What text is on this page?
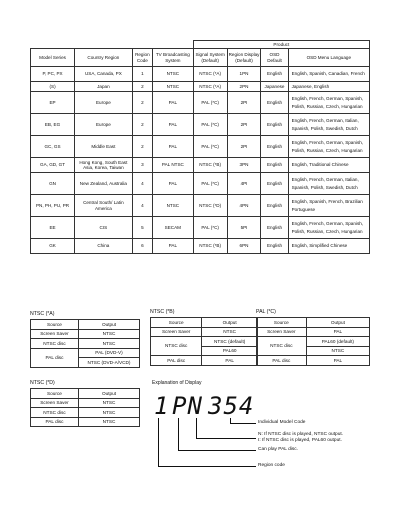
				Product			
Model Series	Country Region	Region Code	TV Broadcasting System	Signal System (Default)	Region Display (Default)	OSD Default	OSD Menu Language
P, PC, PX	USA, Canada, PX	1	NTSC	NTSC (*A)	1PN	English	English, Spanish, Canadian, French
(S)	Japan	2	NTSC	NTSC (*A)	2PN	Japanese	Japanese, English
EP	Europe	2	PAL	PAL (*C)	2PI	English	English, French, German, Spanish, Polish, Russian, Czech, Hungarian
EB, EG	Europe	2	PAL	PAL (*C)	2PI	English	English, French, German, Italian, Spanish, Polish, Swedish, Dutch
GC, GS	Middle East	2	PAL	PAL (*C)	2PI	English	English, French, German, Spanish, Polish, Russian, Czech, Hungarian
GA, GD, GT	Hong Kong, South East Asia, Korea, Taiwan	3	PAL NTSC	NTSC (*B)	3PN	English	English, Traditional Chinese
GN	New Zealand, Australia	4	PAL	PAL (*C)	4PI	English	English, French, German, Italian, Spanish, Polish, Swedish, Dutch
PN, PH, PU, PR	Central South/ Latin America	4	NTSC	NTSC (*D)	4PN	English	English, Spanish, French, Brazilian Portuguese
EE	CIS	5	SECAM	PAL (*C)	5PI	English	English, French, German, Spanish, Polish, Russian, Czech, Hungarian
GK	China	6	PAL	NTSC (*B)	6PN	English	English, Simplified Chinese
NTSC (*A)
Source	Output
Screen Saver	NTSC
NTSC disc	NTSC
PAL disc	PAL (DVD-V)
	NTSC (DVD-A/VCD)
NTSC (*B)
Source	Output
Screen Saver	NTSC
NTSC disc	NTSC (default)
	PAL60
PAL disc	PAL
PAL (*C)
Source	Output
Screen Saver	PAL
NTSC disc	PAL60 (default)
	NTSC
PAL disc	PAL
NTSC (*D)
Source	Output
Screen Saver	NTSC
NTSC disc	NTSC
PAL disc	NTSC
Explanation of Display
1 PN 354
Individual Model Code
N: If NTSC disc is played, NTSC output.
I: If NTSC disc is played, PAL60 output.
Can play PAL disc.
Region code
